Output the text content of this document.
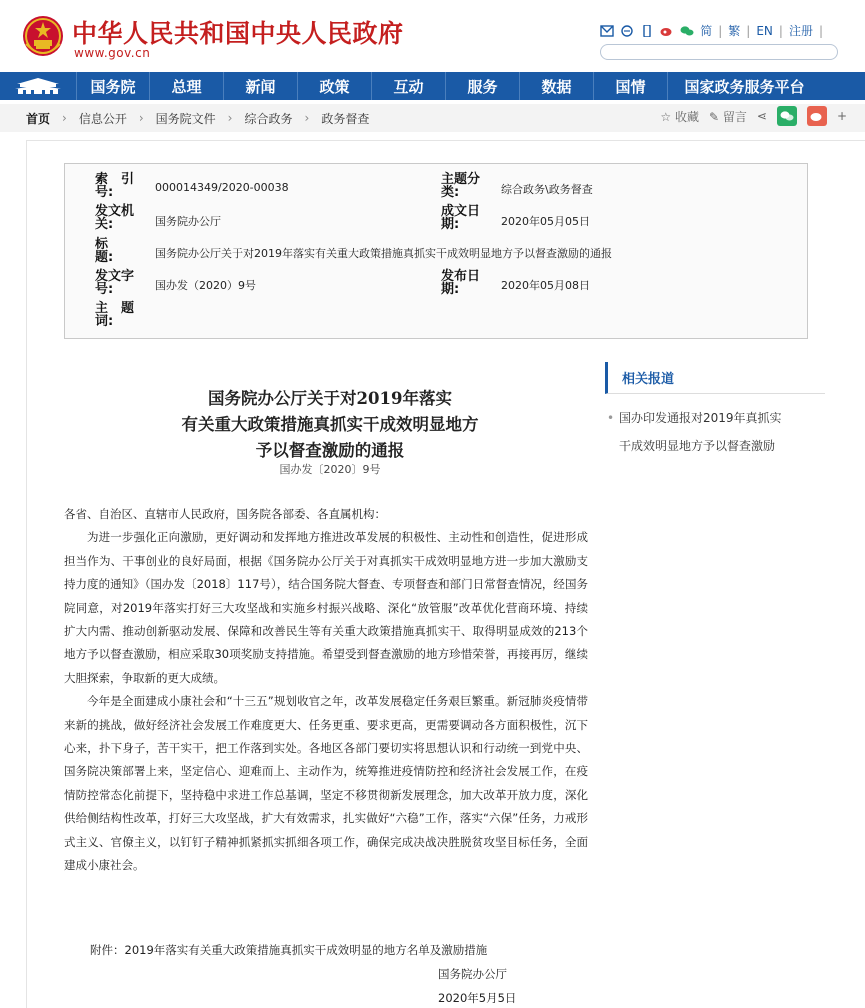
中华人民共和国中央人民政府
www.gov.cn
简 | 繁 | EN | 注册 |
国务院	总理	新闻	政策	互动	服务	数据	国情	国家政务服务平台
首页 › 信息公开 › 国务院文件 › 综合政务 › 政务督查	☆ 收藏 ✎ 留言 ⋖	+
索　引 号:	000014349/2020-00038
主题分 类:	综合政务\政务督查
发文机 关:	国务院办公厅
成文日 期:	2020年05月05日
标　　题:	国务院办公厅关于对2019年落实有关重大政策措施真抓实干成效明显地方予以督查激励的通报
发文字 号:	国办发（2020）9号
发布日 期:	2020年05月08日
主　题 词:
国务院办公厅关于对2019年落实
有关重大政策措施真抓实干成效明显地方
予以督查激励的通报
国办发〔2020〕9号

各省、自治区、直辖市人民政府，国务院各部委、各直属机构：

为进一步强化正向激励，更好调动和发挥地方推进改革发展的积极性、主动性和创造性，促进形成担当作为、干事创业的良好局面，根据《国务院办公厅关于对真抓实干成效明显地方进一步加大激励支持力度的通知》（国办发〔2018〕117号），结合国务院大督查、专项督查和部门日常督查情况，经国务院同意，对2019年落实打好三大攻坚战和实施乡村振兴战略、深化“放管服”改革优化营商环境、持续扩大内需、推动创新驱动发展、保障和改善民生等有关重大政策措施真抓实干、取得明显成效的213个地方予以督查激励，相应采取30项奖励支持措施。希望受到督查激励的地方珍惜荣誉，再接再厉，继续大胆探索，争取新的更大成绩。

今年是全面建成小康社会和“十三五”规划收官之年，改革发展稳定任务艰巨繁重。新冠肺炎疫情带来新的挑战，做好经济社会发展工作难度更大、任务更重、要求更高，更需要调动各方面积极性，沉下心来，扑下身子，苦干实干，把工作落到实处。各地区各部门要切实将思想认识和行动统一到党中央、国务院决策部署上来，坚定信心、迎难而上、主动作为，统筹推进疫情防控和经济社会发展工作，在疫情防控常态化前提下，坚持稳中求进工作总基调，坚定不移贯彻新发展理念，加大改革开放力度，深化供给侧结构性改革，打好三大攻坚战，扩大有效需求，扎实做好“六稳”工作，落实“六保”任务，力戒形式主义、官僚主义，以钉钉子精神抓紧抓实抓细各项工作，确保完成决战决胜脱贫攻坚目标任务，全面建成小康社会。

附件：2019年落实有关重大政策措施真抓实干成效明显的地方名单及激励措施
国务院办公厅
2020年5月5日
相关报道
• 国办印发通报对2019年真抓实
干成效明显地方予以督查激励
